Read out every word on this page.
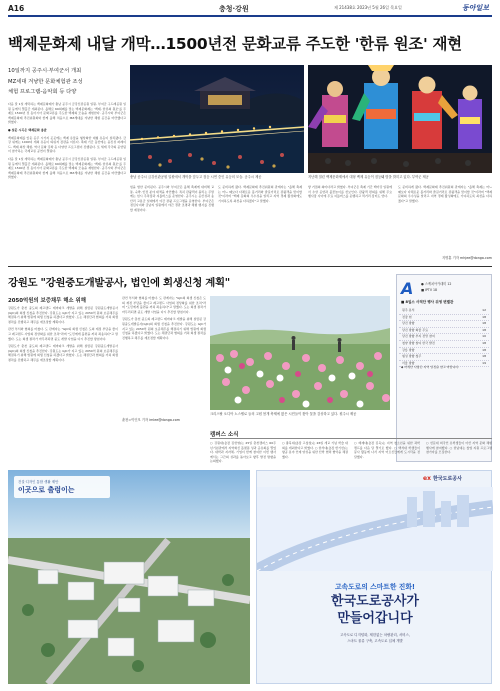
A16	충청·강원	제 21438호 2023년 5월 26일 목요일	동아일보
백제문화제 내달 개막…1500년전 문화교류 주도한 '한류 원조' 재현
10일까지 공주시·부여군서 개최
MZ세대 겨냥한 문화체험관 조성
체험 프로그램-음악회 등 다양

다음 달 1일 개막하는 백제문화제가 충남 공주시 금강신관공원 일원, 부여군 구드래공원 일원 등에서 열흘간 개최된다. 올해로 69회째를 맞는 백제문화제는 '백제, 한류의 원조'를 주제로 1500년 전 동아시아 문화교류를 주도한 백제의 모습을 재현한다. 공주시와 부여군은 백제문화제 추진위원회와 함께 올해 처음으로 MZ세대를 겨냥한 체험 공간을 마련했다고 밝혔다.

● 설문 시곡은 백제문화 총괄

백제문화제를 앞둔 공주 시가지 곳곳에는 백제 유물을 형상화한 대형 유등이 설치됐다. 금강 위에는 1000여 개의 유등이 띄워져 장관을 이룬다. 축제 기간 동안에는 웅진성 퍼레이드, 백제 의상 체험, 역사 문화 강좌 등 다양한 프로그램이 진행된다. 또 세계 각국의 공연팀이 참가하는 국제교류 공연이 열린다.

다음 달 1일 개막하는 백제문화제가 충남 공주시 금강신관공원 일원, 부여군 구드래공원 일원 등에서 열흘간 개최된다. 올해로 69회째를 맞는 백제문화제는 '백제, 한류의 원조'를 주제로 1500년 전 동아시아 문화교류를 주도한 백제의 모습을 재현한다. 공주시와 부여군은 백제문화제 추진위원회와 함께 올해 처음으로 MZ세대를 겨냥한 체험 공간을 마련했다고 밝혔다.	충남 공주시 금강신관공원 일원에서 개막을 앞두고 점등 시연 중인 유등의 모습. 공주시 제공	지난해 열린 백제문화제에서 대형 백제 유등이 점등돼 밤을 밝히고 있다. 부여군 제공

힘을 합한 준비된다. 공주시와 부여군은 올해 축제에 대비해 교통, 숙박, 안전 분야 대책을 마련했다. 특히 관광객이 몰리는 주말에는 임시 주차장과 셔틀버스를 운영한다. 공주시는 공산성과 송산리 고분군 일대에서 야간 관광 프로그램을 운영한다. 부여군은 정림사지와 궁남지 일원에서 야간 경관 조명과 체험 행사를 진행할 예정이다.

도 준비하게 됐다. 백제문화제 추진위원회 관계자는 "올해 축제는 어느 때보다 다채로운 볼거리와 즐길거리로 관광객을 맞이할 것"이라며 "백제 문화의 우수성을 알리고 지역 경제 활성화에도 기여하도록 최선을 다하겠다"고 말했다.

쌓 거점의 의미다라고 밝혔다. 부여군은 축제 기간 백마강 일원에서 수상 공연과 불꽃놀이를 선보인다. 관광객 편의를 위해 주요 행사장 사이에 무료 셔틀버스를 운행하고 먹거리 장터도 연다.

도 준비하게 됐다. 백제문화제 추진위원회 관계자는 "올해 축제는 어느 때보다 다채로운 볼거리와 즐길거리로 관광객을 맞이할 것"이라며 "백제 문화의 우수성을 알리고 지역 경제 활성화에도 기여하도록 최선을 다하겠다"고 말했다.

지명훈 기자 mhjee@donga.com
강원도 "강원중도개발공사, 법인에 회생신청 계획"
2050억원의 보증채무 해소 위해

강원도가 춘천 중도의 레고랜드 테마파크 개발을 위해 설립된 강원중도개발공사(GJC)의 회생 신청을 추진한다. 강원도는 GJC가 지고 있는 2050억 원의 보증채무를 해결하기 위해 법원에 회생 신청을 하겠다고 밝혔다. 도는 채권단과 협의를 거쳐 회생 절차를 진행하고 채무를 재조정할 계획이다.

관련 부서와 협의를 마쳤다. 도 관계자는 "GJC의 회생 신청은 도의 재정 부담을 줄이고 레고랜드 사업의 정상화를 위한 조치"라며 "도민에게 불편을 끼쳐 죄송하다"고 말했다. 도는 회생 절차가 마무리되면 중도 개발 사업을 다시 추진할 방침이다.

강원도가 춘천 중도의 레고랜드 테마파크 개발을 위해 설립된 강원중도개발공사(GJC)의 회생 신청을 추진한다. 강원도는 GJC가 지고 있는 2050억 원의 보증채무를 해결하기 위해 법원에 회생 신청을 하겠다고 밝혔다. 도는 채권단과 협의를 거쳐 회생 절차를 진행하고 채무를 재조정할 계획이다.

관련 부서와 협의를 마쳤다. 도 관계자는 "GJC의 회생 신청은 도의 재정 부담을 줄이고 레고랜드 사업의 정상화를 위한 조치"라며 "도민에게 불편을 끼쳐 죄송하다"고 말했다. 도는 회생 절차가 마무리되면 중도 개발 사업을 다시 추진할 방침이다.

강원도가 춘천 중도의 레고랜드 테마파크 개발을 위해 설립된 강원중도개발공사(GJC)의 회생 신청을 추진한다. 강원도는 GJC가 지고 있는 2050억 원의 보증채무를 해결하기 위해 법원에 회생 신청을 하겠다고 밝혔다. 도는 채권단과 협의를 거쳐 회생 절차를 진행하고 채무를 재조정할 계획이다.

춘천=이인모 기자 imlee@donga.com
크리스탈 오디아 노스텔로 들의 고원 봄개 축제에 많은 시민들이 찾아 꽃을 감상하고 있다. 원주시 제공
A ● 스케치아카데미 12
■ IPTV 18
■ 8일스 사적단 행사 위생 변별관
원주 분석	12
전장 현	18
당진 방향	18
당진 방향 화물 무료	18
당진 방향 부지 전망 참여	10
청양 방향 참여 한국 발전	18
강릉 방향	18
횡성 방향 청주	18
서울 방향	19
◆ 자세한 사항은 지역 일정을 참고 바랍니다.
캠퍼스 소식

○ 강원대(총장 김헌영)는 25일 춘천캠퍼스 60주년기념관에서 지역혁신 플랫폼 성과 공유회를 열었다. 대학과 지자체, 기업이 함께 참여한 이번 행사에서는 그간의 성과를 돌아보고 향후 발전 방향을 논의했다.

○ 충북대(총장 고창섭)는 26일 개교 기념 학술 대회를 개최한다고 밝혔다. ○ 한서대(총장 함기선)는 항공 분야 인재 양성을 위한 산학 협력 협약을 체결했다.

○ 배재대(총장 김욱)는 지역 청소년을 위한 과학 캠프를 다음 달 열기로 했다. ○ 백석대 학생들이 봉사 활동에 나서 지역 어르신들에게 도시락을 전달했다.

○ 선문대 외국인 유학생들이 아산 지역 문화 체험 행사에 참여했다. ○ 한남대는 창업 지원 프로그램 참가자를 모집한다.

건설·디자인 통합 생활 제안
이곳으로 출렁이는
ex 한국도로공사
고속도로의 스마트한 진화!
한국도로공사가
만들어갑니다
고속도로 디지털화, 제한없는 차량관리, 서비스,
스마트 물류 구축, 고속도로 입체 개발
